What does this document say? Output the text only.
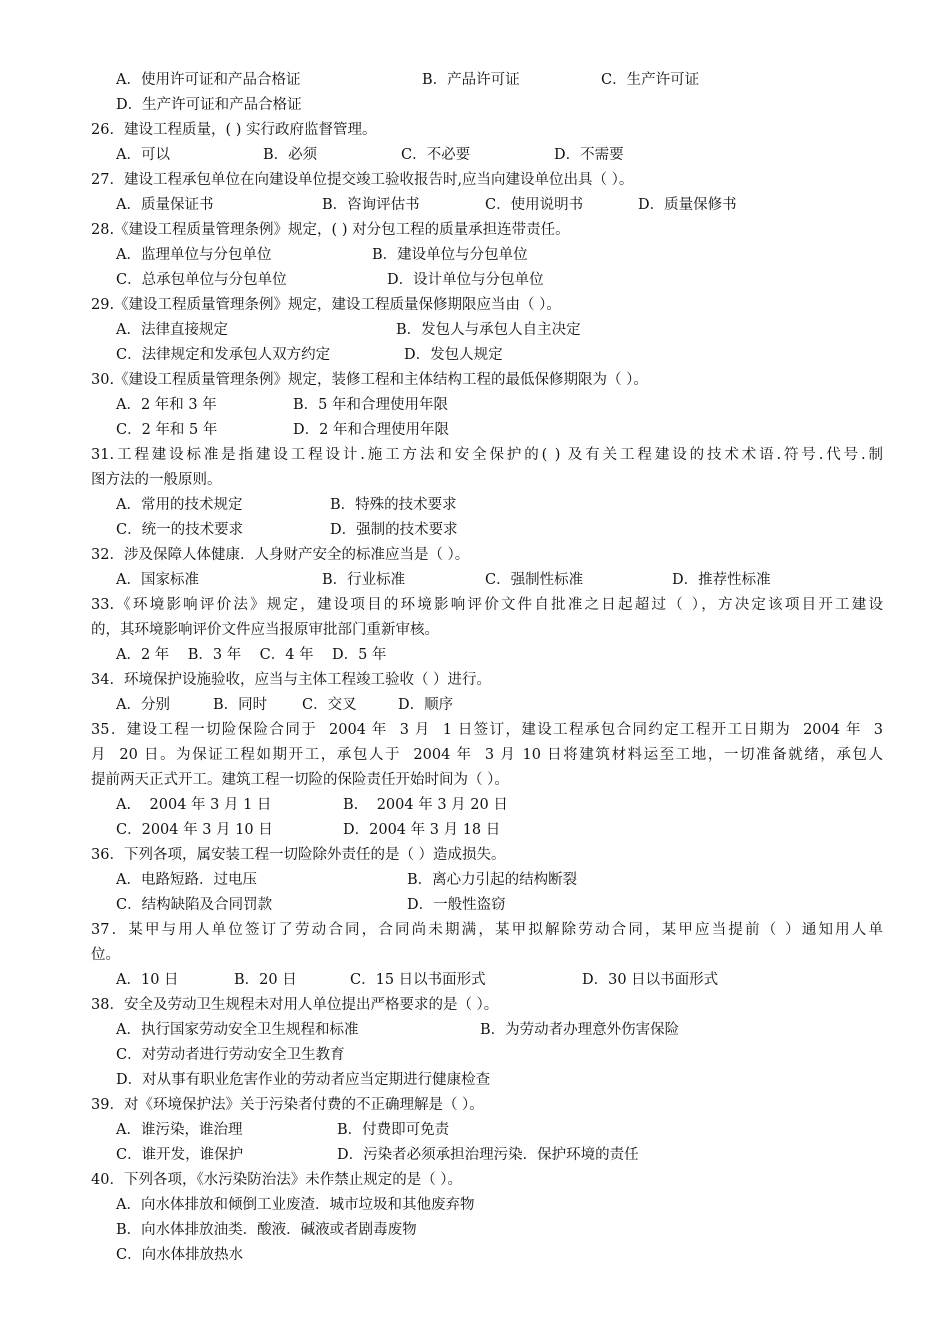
A．使用许可证和产品合格证	B．产品许可证	C．生产许可证
D．生产许可证和产品合格证
26．建设工程质量，( ) 实行政府监督管理。
A．可以	B．必须	C．不必要	D．不需要
27．建设工程承包单位在向建设单位提交竣工验收报告时,应当向建设单位出具（ ）。
A．质量保证书	B．咨询评估书	C．使用说明书	D．质量保修书
28.《建设工程质量管理条例》规定，( ) 对分包工程的质量承担连带责任。
A．监理单位与分包单位	B．建设单位与分包单位
C．总承包单位与分包单位	D．设计单位与分包单位
29.《建设工程质量管理条例》规定，建设工程质量保修期限应当由（ ）。
A．法律直接规定	B．发包人与承包人自主决定
C．法律规定和发承包人双方约定	D．发包人规定
30.《建设工程质量管理条例》规定，装修工程和主体结构工程的最低保修期限为（ ）。
A．2 年和 3 年	B．5 年和合理使用年限
C．2 年和 5 年	D．2 年和合理使用年限
31.工程建设标准是指建设工程设计.施工方法和安全保护的( ) 及有关工程建设的技术术语.符号.代号.制
图方法的一般原则。
A．常用的技术规定	B．特殊的技术要求
C．统一的技术要求	D．强制的技术要求
32．涉及保障人体健康．人身财产安全的标准应当是（ ）。
A．国家标准	B．行业标准	C．强制性标准	D．推荐性标准
33.《环境影响评价法》规定，建设项目的环境影响评价文件自批准之日起超过（ ），方决定该项目开工建设
的，其环境影响评价文件应当报原审批部门重新审核。
A．2 年    B．3 年    C．4 年    D．5 年
34．环境保护设施验收，应当与主体工程竣工验收（ ）进行。
A．分别	B．同时 C．交叉	D．顺序
35．建设工程一切险保险合同于  2004 年  3 月  1 日签订，建设工程承包合同约定工程开工日期为  2004 年  3
月  20 日。为保证工程如期开工，承包人于  2004 年  3 月 10 日将建筑材料运至工地，一切准备就绪，承包人
提前两天正式开工。建筑工程一切险的保险责任开始时间为（ ）。
A.    2004 年 3 月 1 日	B.    2004 年 3 月 20 日
C．2004 年 3 月 10 日	D．2004 年 3 月 18 日
36．下列各项，属安装工程一切险除外责任的是（ ）造成损失。
A．电路短路．过电压	B．离心力引起的结构断裂
C．结构缺陷及合同罚款	D．一般性盗窃
37．某甲与用人单位签订了劳动合同，合同尚未期满，某甲拟解除劳动合同，某甲应当提前（ ）通知用人单
位。
A．10 日	B．20 日	C．15 日以书面形式	D．30 日以书面形式
38．安全及劳动卫生规程未对用人单位提出严格要求的是（ ）。
A．执行国家劳动安全卫生规程和标准	B．为劳动者办理意外伤害保险
C．对劳动者进行劳动安全卫生教育
D．对从事有职业危害作业的劳动者应当定期进行健康检查
39．对《环境保护法》关于污染者付费的不正确理解是（ ）。
A．谁污染，谁治理	B．付费即可免责
C．谁开发，谁保护	D．污染者必须承担治理污染．保护环境的责任
40．下列各项，《水污染防治法》未作禁止规定的是（ ）。
A．向水体排放和倾倒工业废渣．城市垃圾和其他废弃物
B．向水体排放油类．酸液．碱液或者剧毒废物
C．向水体排放热水
